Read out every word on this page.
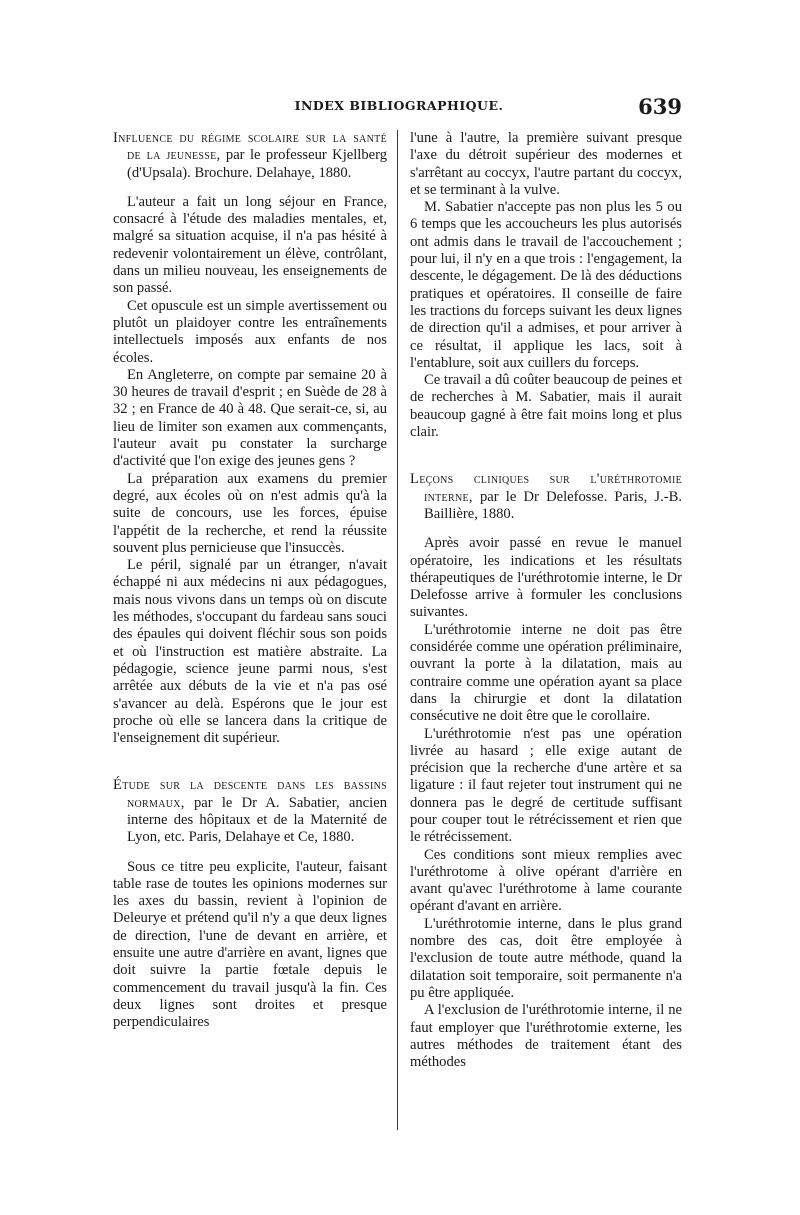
INDEX BIBLIOGRAPHIQUE.	639

Influence du régime scolaire sur la santé de la jeunesse, par le professeur Kjellberg (d'Upsala). Brochure. Delahaye, 1880.

L'auteur a fait un long séjour en France, consacré à l'étude des maladies mentales, et, malgré sa situation acquise, il n'a pas hésité à redevenir volontairement un élève, contrôlant, dans un milieu nouveau, les enseignements de son passé.

Cet opuscule est un simple avertissement ou plutôt un plaidoyer contre les entraînements intellectuels imposés aux enfants de nos écoles.

En Angleterre, on compte par semaine 20 à 30 heures de travail d'esprit ; en Suède de 28 à 32 ; en France de 40 à 48. Que serait-ce, si, au lieu de limiter son examen aux commençants, l'auteur avait pu constater la surcharge d'activité que l'on exige des jeunes gens ?

La préparation aux examens du premier degré, aux écoles où on n'est admis qu'à la suite de concours, use les forces, épuise l'appétit de la recherche, et rend la réussite souvent plus pernicieuse que l'insuccès.

Le péril, signalé par un étranger, n'avait échappé ni aux médecins ni aux pédagogues, mais nous vivons dans un temps où on discute les méthodes, s'occupant du fardeau sans souci des épaules qui doivent fléchir sous son poids et où l'instruction est matière abstraite. La pédagogie, science jeune parmi nous, s'est arrêtée aux débuts de la vie et n'a pas osé s'avancer au delà. Espérons que le jour est proche où elle se lancera dans la critique de l'enseignement dit supérieur.

Étude sur la descente dans les bassins normaux, par le Dr A. Sabatier, ancien interne des hôpitaux et de la Maternité de Lyon, etc. Paris, Delahaye et Ce, 1880.

Sous ce titre peu explicite, l'auteur, faisant table rase de toutes les opinions modernes sur les axes du bassin, revient à l'opinion de Deleurye et prétend qu'il n'y a que deux lignes de direction, l'une de devant en arrière, et ensuite une autre d'arrière en avant, lignes que doit suivre la partie fœtale depuis le commencement du travail jusqu'à la fin. Ces deux lignes sont droites et presque perpendiculaires

l'une à l'autre, la première suivant presque l'axe du détroit supérieur des modernes et s'arrêtant au coccyx, l'autre partant du coccyx, et se terminant à la vulve.

M. Sabatier n'accepte pas non plus les 5 ou 6 temps que les accoucheurs les plus autorisés ont admis dans le travail de l'accouchement ; pour lui, il n'y en a que trois : l'engagement, la descente, le dégagement. De là des déductions pratiques et opératoires. Il conseille de faire les tractions du forceps suivant les deux lignes de direction qu'il a admises, et pour arriver à ce résultat, il applique les lacs, soit à l'entablure, soit aux cuillers du forceps.

Ce travail a dû coûter beaucoup de peines et de recherches à M. Sabatier, mais il aurait beaucoup gagné à être fait moins long et plus clair.

Leçons cliniques sur l'uréthrotomie interne, par le Dr Delefosse. Paris, J.-B. Baillière, 1880.

Après avoir passé en revue le manuel opératoire, les indications et les résultats thérapeutiques de l'uréthrotomie interne, le Dr Delefosse arrive à formuler les conclusions suivantes.

L'uréthrotomie interne ne doit pas être considérée comme une opération préliminaire, ouvrant la porte à la dilatation, mais au contraire comme une opération ayant sa place dans la chirurgie et dont la dilatation consécutive ne doit être que le corollaire.

L'uréthrotomie n'est pas une opération livrée au hasard ; elle exige autant de précision que la recherche d'une artère et sa ligature : il faut rejeter tout instrument qui ne donnera pas le degré de certitude suffisant pour couper tout le rétrécissement et rien que le rétrécissement.

Ces conditions sont mieux remplies avec l'uréthrotome à olive opérant d'arrière en avant qu'avec l'uréthrotome à lame courante opérant d'avant en arrière.

L'uréthrotomie interne, dans le plus grand nombre des cas, doit être employée à l'exclusion de toute autre méthode, quand la dilatation soit temporaire, soit permanente n'a pu être appliquée.

A l'exclusion de l'uréthrotomie interne, il ne faut employer que l'uréthrotomie externe, les autres méthodes de traitement étant des méthodes
